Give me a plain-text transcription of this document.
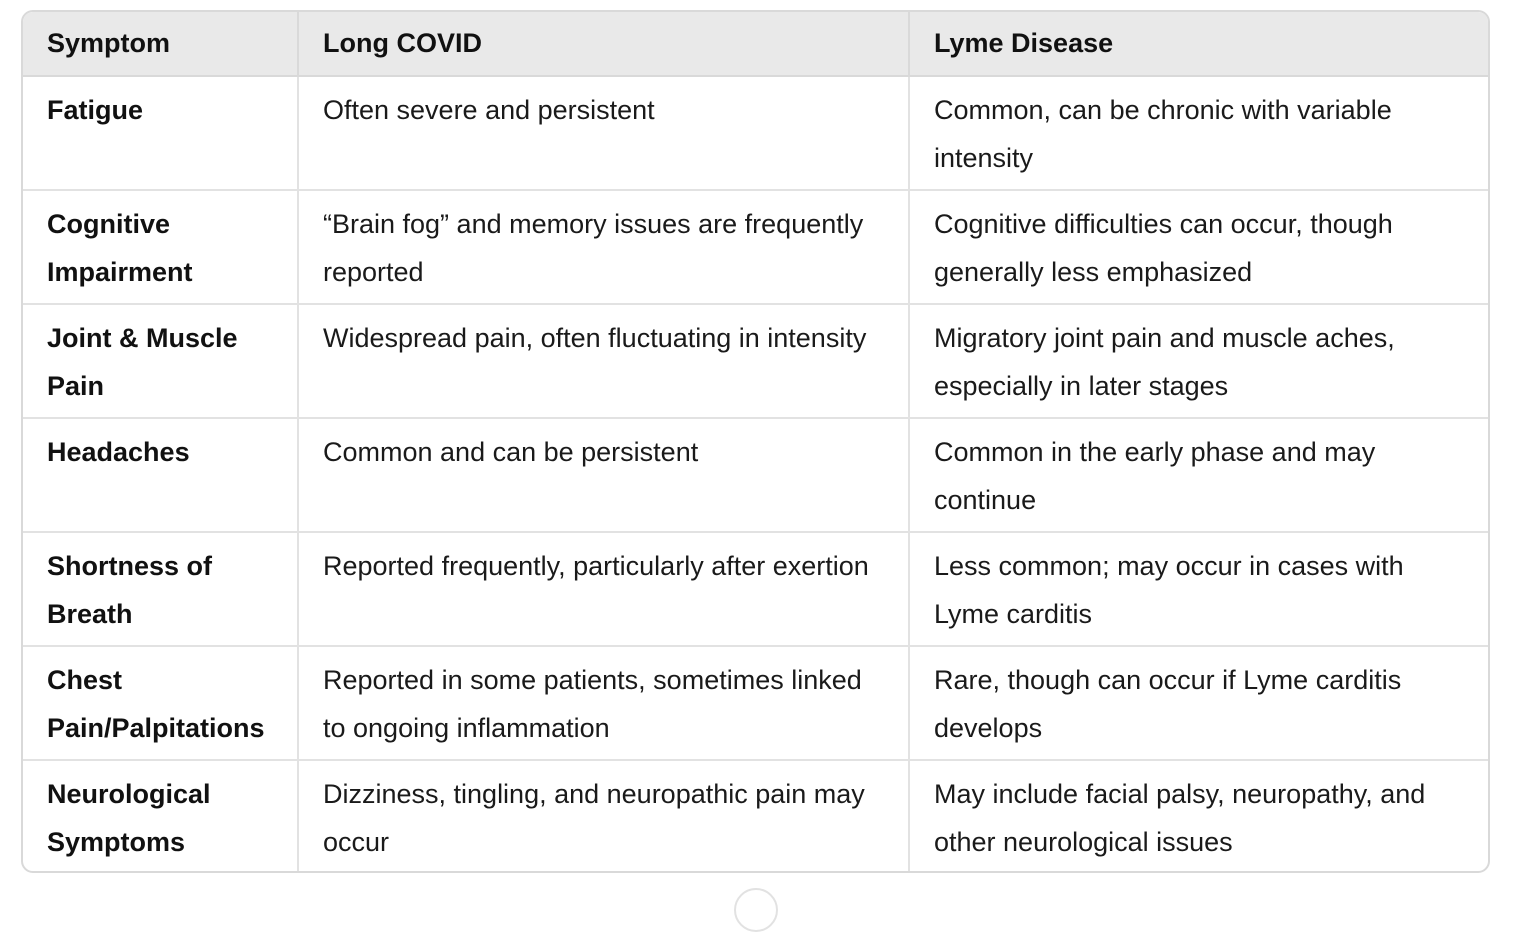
Symptom	Long COVID	Lyme Disease
Fatigue	Often severe and persistent	Common, can be chronic with variable intensity
Cognitive Impairment	“Brain fog” and memory issues are frequently reported	Cognitive difficulties can occur, though generally less emphasized
Joint & Muscle Pain	Widespread pain, often fluctuating in intensity	Migratory joint pain and muscle aches, especially in later stages
Headaches	Common and can be persistent	Common in the early phase and may continue
Shortness of Breath	Reported frequently, particularly after exertion	Less common; may occur in cases with Lyme carditis
Chest Pain/Palpitations	Reported in some patients, sometimes linked to ongoing inflammation	Rare, though can occur if Lyme carditis develops
Neurological Symptoms	Dizziness, tingling, and neuropathic pain may occur	May include facial palsy, neuropathy, and other neurological issues
